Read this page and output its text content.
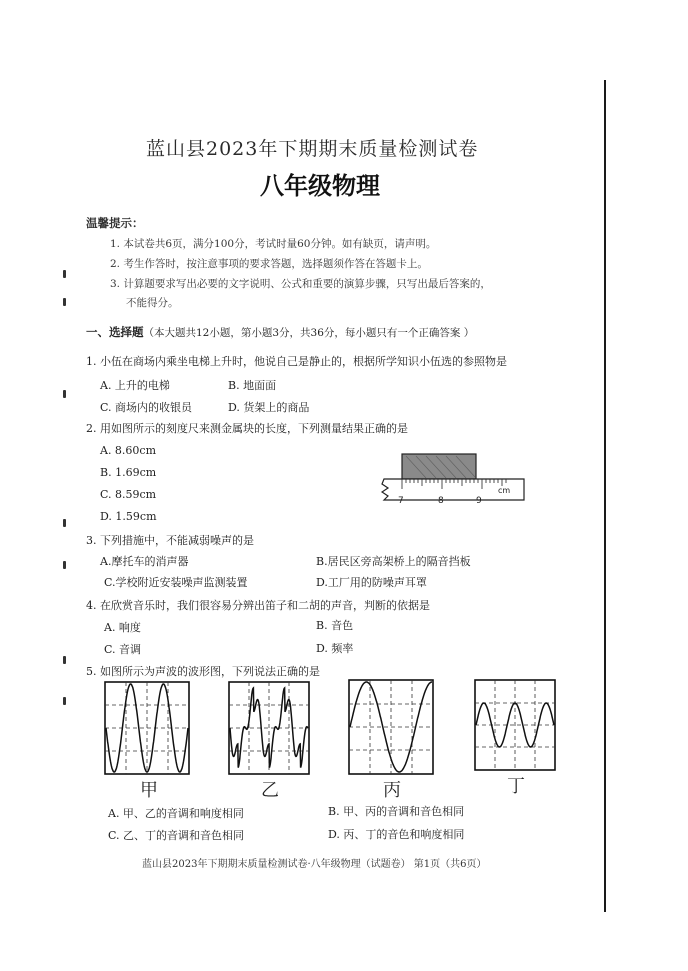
蓝山县2023年下期期末质量检测试卷
八年级物理
温馨提示：
1. 本试卷共6页，满分100分，考试时量60分钟。如有缺页，请声明。
2. 考生作答时，按注意事项的要求答题，选择题须作答在答题卡上。
3. 计算题要求写出必要的文字说明、公式和重要的演算步骤，只写出最后答案的，
不能得分。
一、选择题（本大题共12小题，第小题3分，共36分，每小题只有一个正确答案 ）
1. 小伍在商场内乘坐电梯上升时，他说自己是静止的，根据所学知识小伍选的参照物是
A. 上升的电梯	B. 地面面
C. 商场内的收银员	D. 货架上的商品
2. 用如图所示的刻度尺来测金属块的长度，下列测量结果正确的是
A. 8.60cm
B. 1.69cm
C. 8.59cm
D. 1.59cm
7	8	9
cm
3. 下列措施中，不能减弱噪声的是
A.摩托车的消声器	B.居民区旁高架桥上的隔音挡板
C.学校附近安装噪声监测装置	D.工厂用的防噪声耳罩
4. 在欣赏音乐时，我们很容易分辨出笛子和二胡的声音，判断的依据是
A. 响度	B. 音色
C. 音调	D. 频率
5. 如图所示为声波的波形图，下列说法正确的是
甲	乙	丙	丁
A. 甲、乙的音调和响度相同	B. 甲、丙的音调和音色相同
C. 乙、丁的音调和音色相同	D. 丙、丁的音色和响度相同
蓝山县2023年下期期末质量检测试卷·八年级物理（试题卷） 第1页（共6页）
